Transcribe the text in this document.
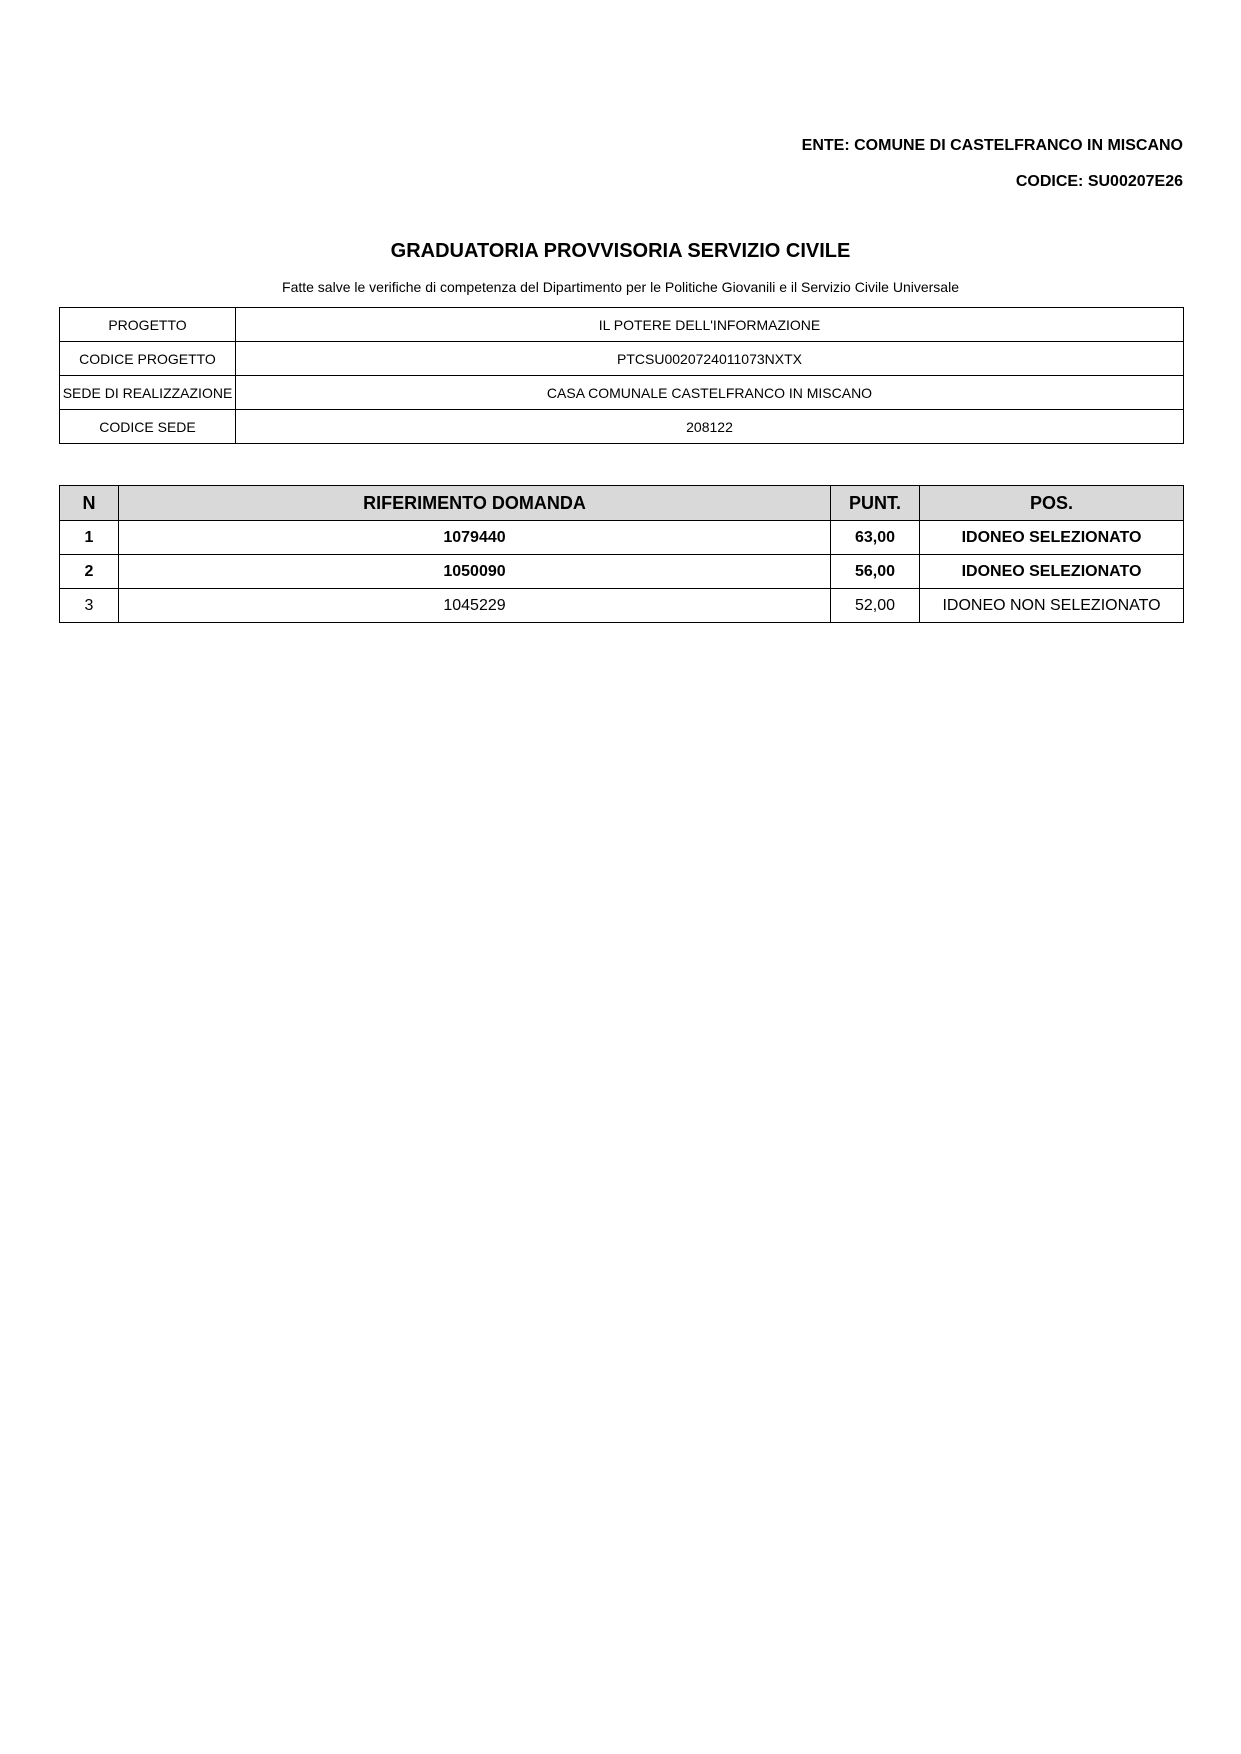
ENTE: COMUNE DI CASTELFRANCO IN MISCANO
CODICE: SU00207E26
GRADUATORIA PROVVISORIA SERVIZIO CIVILE
Fatte salve le verifiche di competenza del Dipartimento per le Politiche Giovanili e il Servizio Civile Universale
PROGETTO	IL POTERE DELL'INFORMAZIONE
CODICE PROGETTO	PTCSU0020724011073NXTX
SEDE DI REALIZZAZIONE	CASA COMUNALE CASTELFRANCO IN MISCANO
CODICE SEDE	208122
N	RIFERIMENTO DOMANDA	PUNT.	POS.
1	1079440	63,00	IDONEO SELEZIONATO
2	1050090	56,00	IDONEO SELEZIONATO
3	1045229	52,00	IDONEO NON SELEZIONATO
